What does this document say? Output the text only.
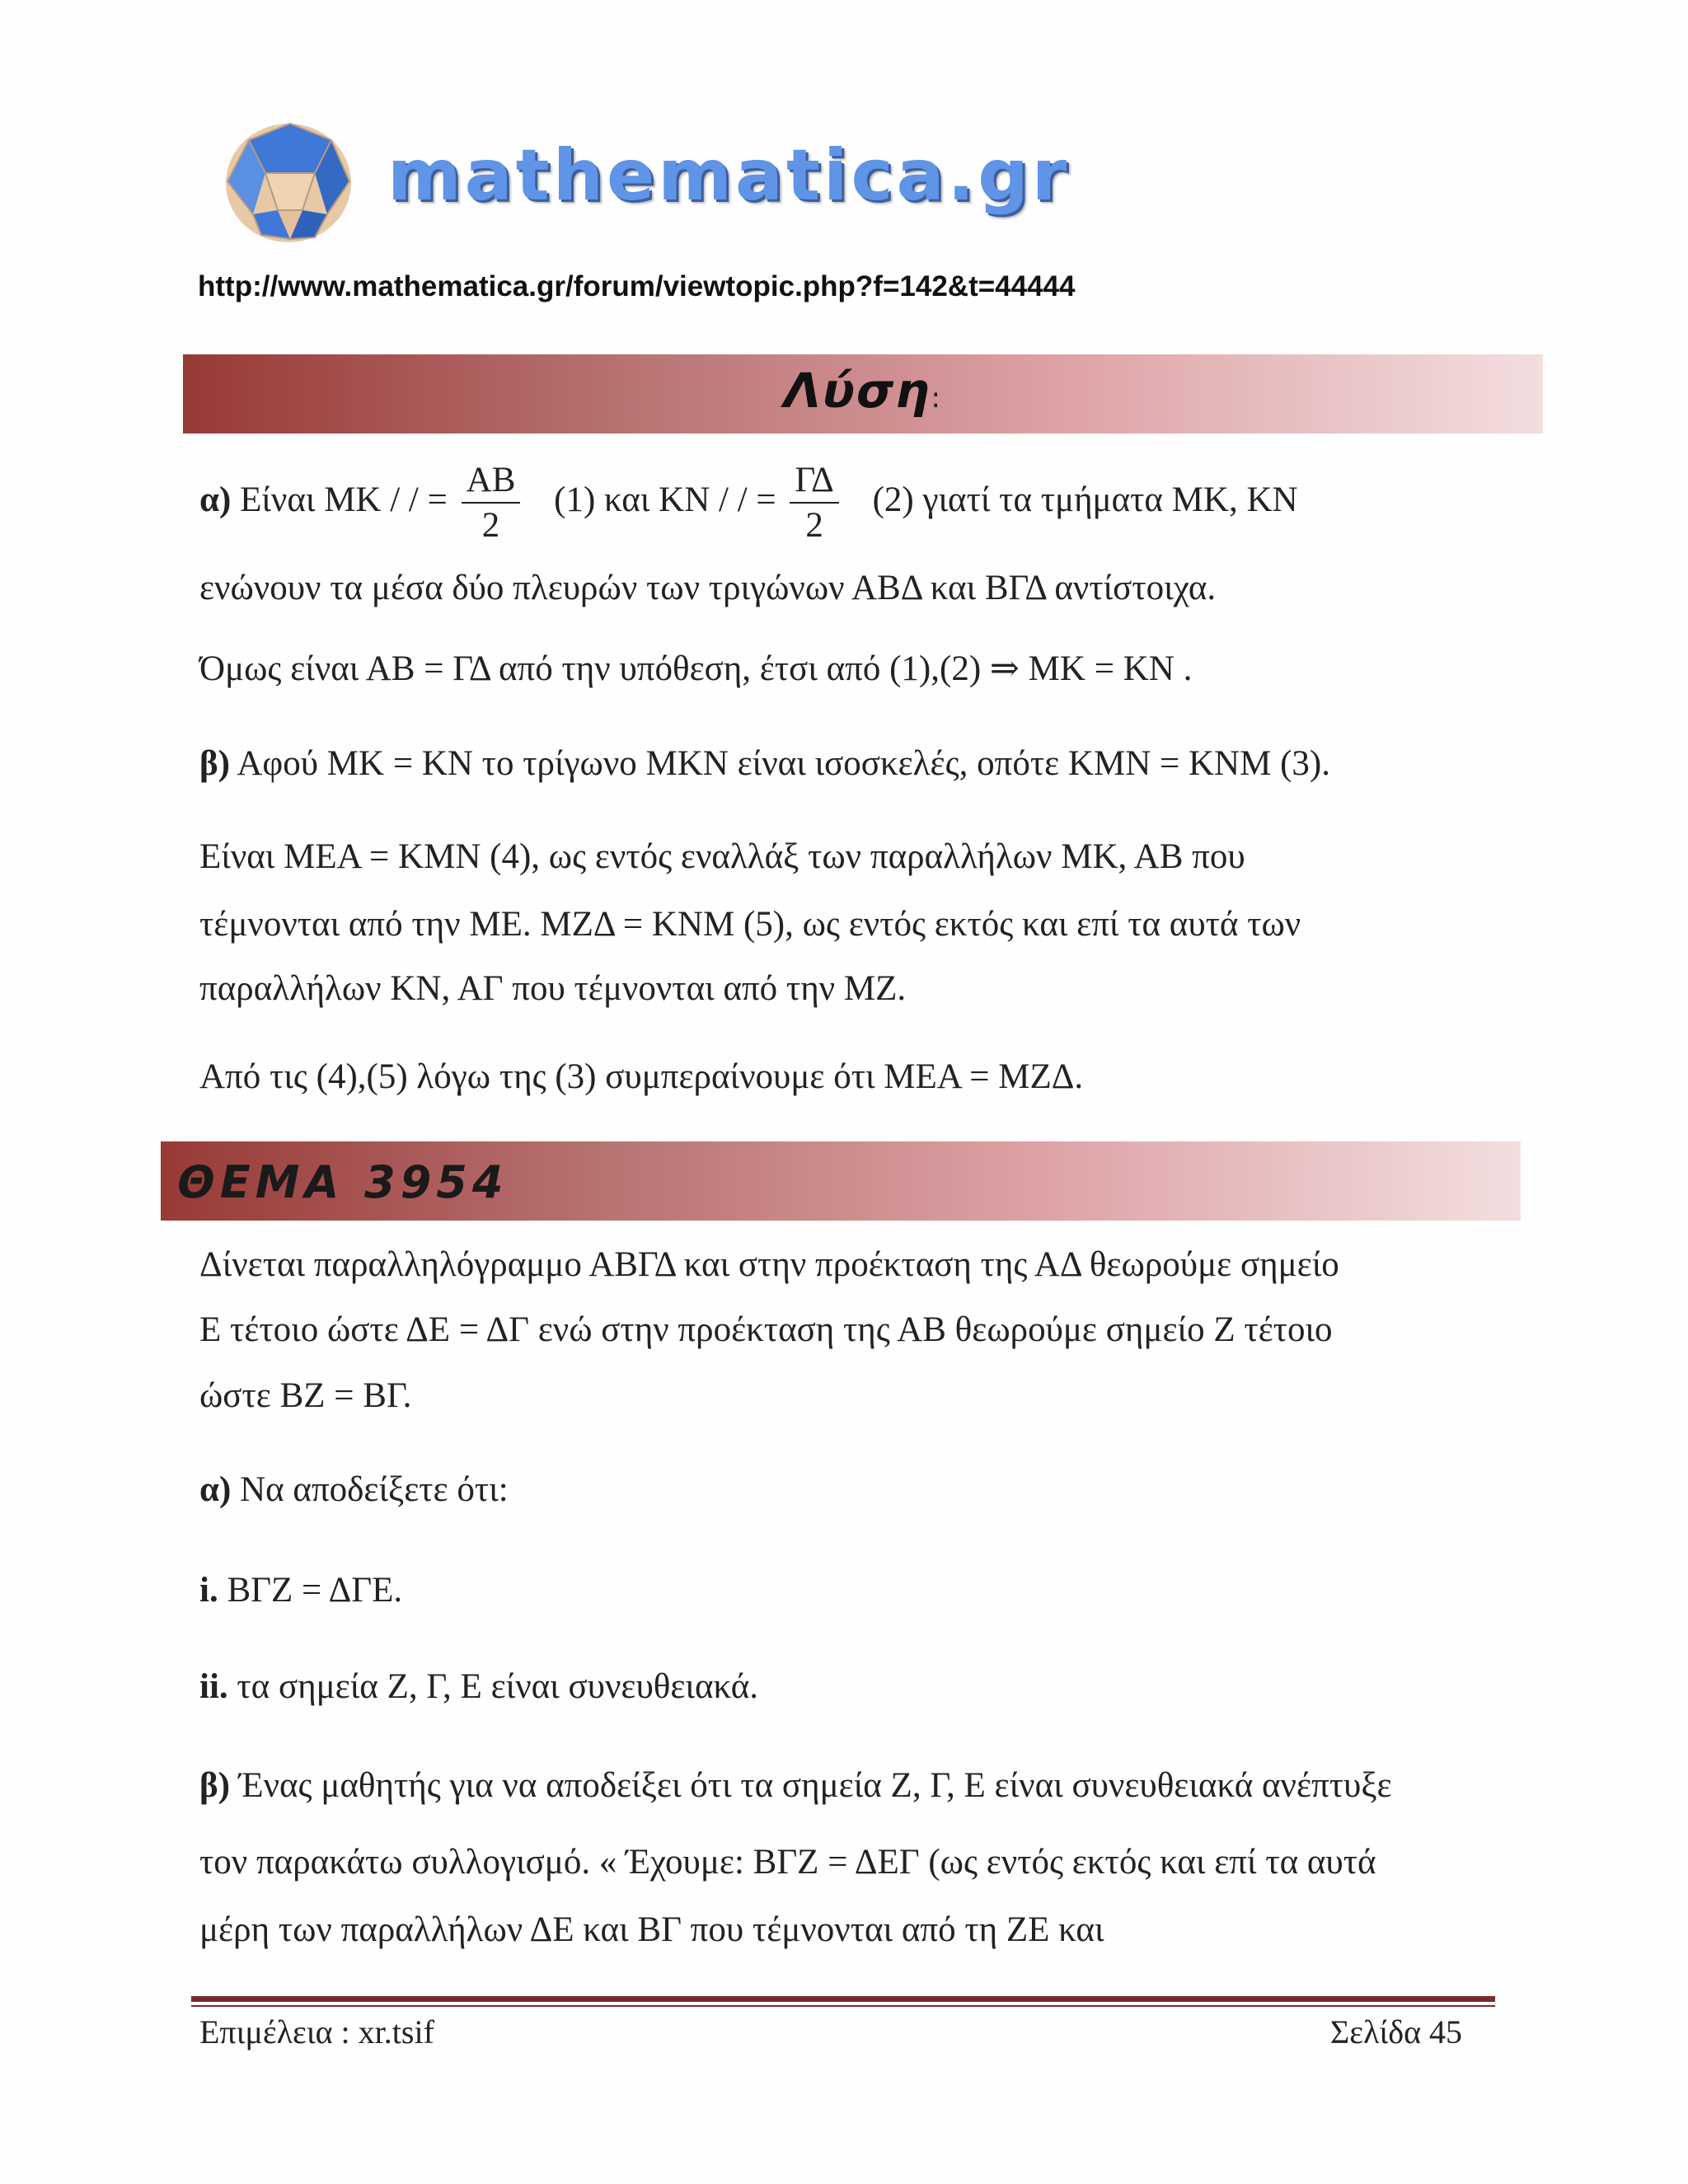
mathematica.gr
http://www.mathematica.gr/forum/viewtopic.php?f=142&t=44444
Λύση:
α) Είναι ΜΚ / / = $\frac{AB}{2} (1)$ και ΚΝ / / = $\frac{\Gamma\Delta}{2} (2)$ γιατί τα τμήματα ΜΚ, ΚΝ
ενώνουν τα μέσα δύο πλευρών των τριγώνων ΑΒΔ και ΒΓΔ αντίστοιχα.
Όμως είναι ΑΒ = ΓΔ από την υπόθεση, έτσι από (1),(2) ⇒ ΜΚ = ΚΝ .
β) Αφού ΜΚ = ΚΝ το τρίγωνο ΜΚΝ είναι ισοσκελές, οπότε ΚΜΝ = ΚΝΜ (3).
Είναι ΜΕΑ = ΚΜΝ (4), ως εντός εναλλάξ των παραλλήλων ΜΚ, ΑΒ που
τέμνονται από την ΜΕ. ΜΖΔ = ΚΝΜ (5), ως εντός εκτός και επί τα αυτά των
παραλλήλων ΚΝ, ΑΓ που τέμνονται από την ΜΖ.
Από τις (4),(5) λόγω της (3) συμπεραίνουμε ότι ΜΕΑ = ΜΖΔ.
ΘΕΜΑ 3954
Δίνεται παραλληλόγραμμο ΑΒΓΔ και στην προέκταση της ΑΔ θεωρούμε σημείο
Ε τέτοιο ώστε ΔΕ = ΔΓ ενώ στην προέκταση της ΑΒ θεωρούμε σημείο Ζ τέτοιο
ώστε ΒΖ = ΒΓ.
α) Να αποδείξετε ότι:
i. ΒΓΖ = ΔΓΕ.
ii. τα σημεία Ζ, Γ, Ε είναι συνευθειακά.
β) Ένας μαθητής για να αποδείξει ότι τα σημεία Ζ, Γ, Ε είναι συνευθειακά ανέπτυξε
τον παρακάτω συλλογισμό. « Έχουμε: ΒΓΖ = ΔΕΓ (ως εντός εκτός και επί τα αυτά
μέρη των παραλλήλων ΔΕ και ΒΓ που τέμνονται από τη ΖΕ και
Επιμέλεια : xr.tsif	Σελίδα 45
